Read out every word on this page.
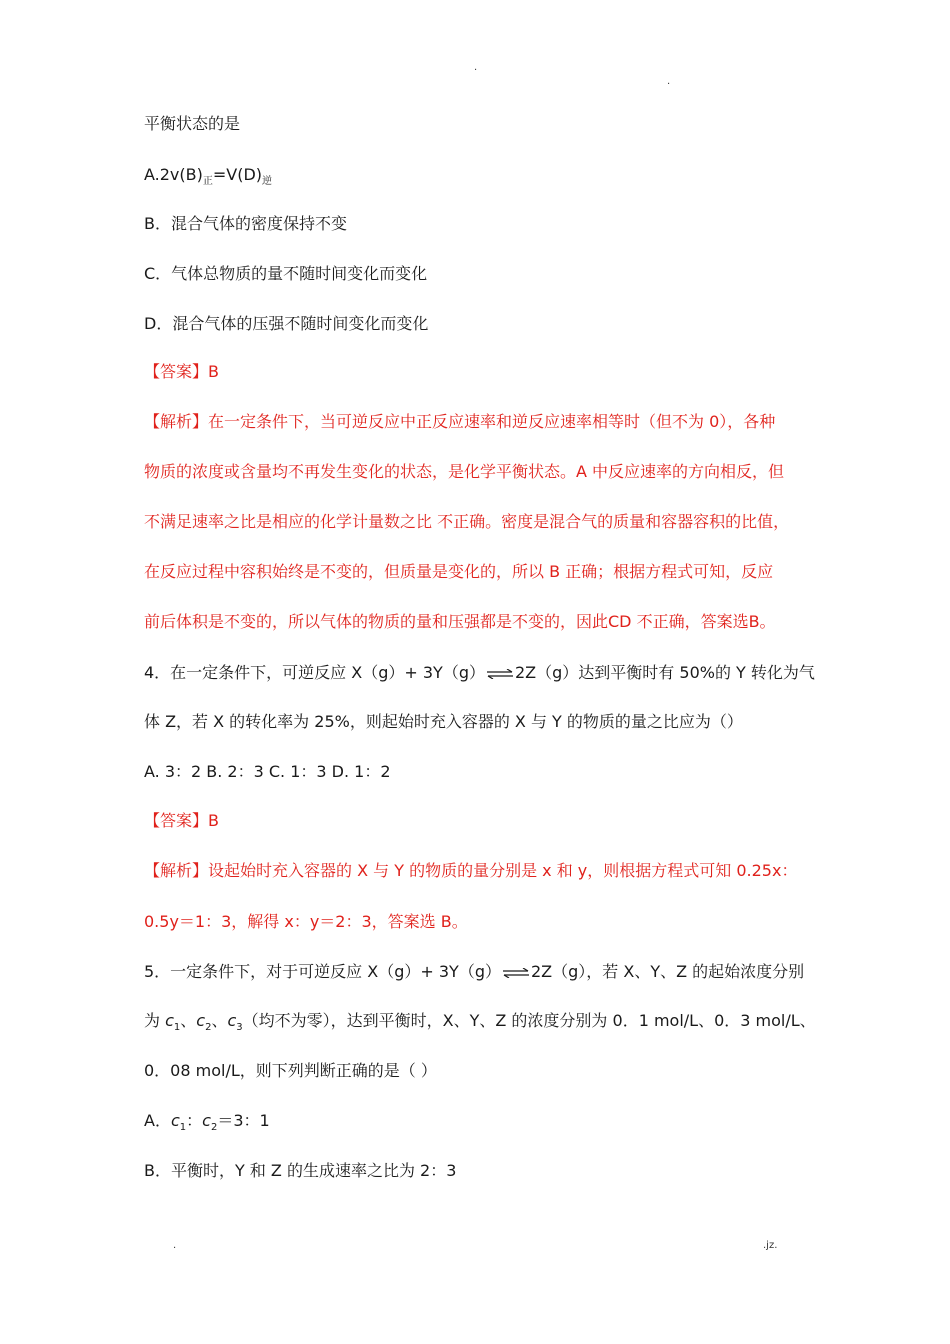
.
.
平衡状态的是
$A.2v(B)_正=V(D)_逆$
B．混合气体的密度保持不变
C．气体总物质的量不随时间变化而变化
D．混合气体的压强不随时间变化而变化
【答案】B
【解析】在一定条件下，当可逆反应中正反应速率和逆反应速率相等时（但不为 0），各种
物质的浓度或含量均不再发生变化的状态，是化学平衡状态。A 中反应速率的方向相反，但
不满足速率之比是相应的化学计量数之比 不正确。密度是混合气的质量和容器容积的比值，
在反应过程中容积始终是不变的，但质量是变化的，所以 B 正确；根据方程式可知，反应
前后体积是不变的，所以气体的物质的量和压强都是不变的，因此CD 不正确，答案选B。
4．在一定条件下，可逆反应 X（g）+ 3Y（g）⇌2Z（g）达到平衡时有 50%的 Y 转化为气
体 Z，若 X 的转化率为 25%，则起始时充入容器的 X 与 Y 的物质的量之比应为（）
A. 3：2 B. 2：3 C. 1：3 D. 1：2
【答案】B
【解析】设起始时充入容器的 X 与 Y 的物质的量分别是 x 和 y，则根据方程式可知 0.25x：
0.5y＝1：3，解得 x：y＝2：3，答案选 B。
5．一定条件下，对于可逆反应 X（g）+ 3Y（g）⇌2Z（g），若 X、Y、Z 的起始浓度分别
为 $c_1$、$c_2$、$c_3$（均不为零），达到平衡时，X、Y、Z 的浓度分别为 0．1 mol/L、0．3 mol/L、
0．08 mol/L，则下列判断正确的是（ ）
A．$c_1$：$c_2=3$：1
B．平衡时，Y 和 Z 的生成速率之比为 2：3
.	.jz.
